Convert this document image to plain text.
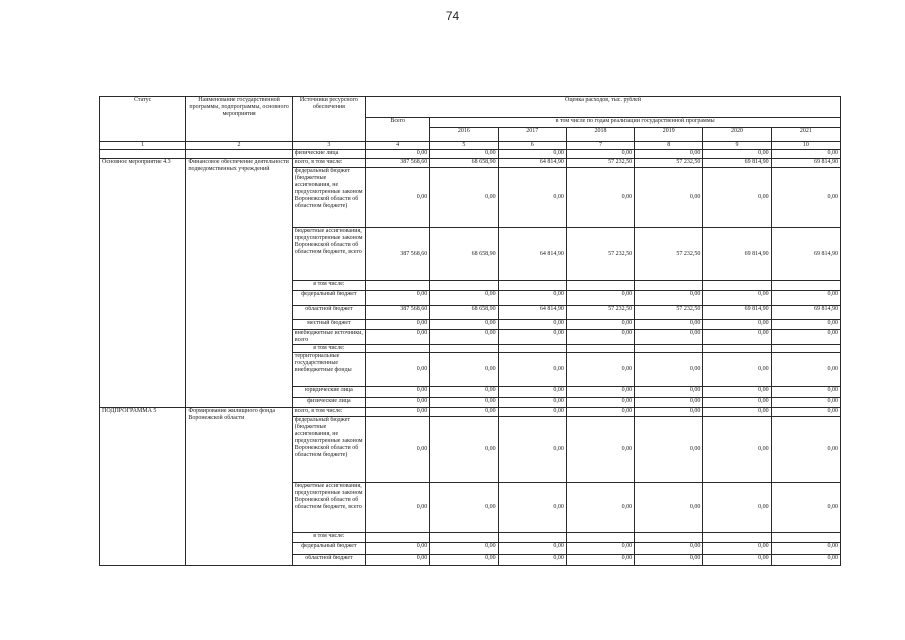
74
Статус	Наименование государственной программы, подпрограммы, основного мероприятия	Источники ресурсного обеспечения	Оценка расходов, тыс. рублей						
			Всего	в том числе по годам реализации государственной программы					
				2016	2017	2018	2019	2020	2021
1	2	3	4	5	6	7	8	9	10
		физические лица	0,00	0,00	0,00	0,00	0,00	0,00	0,00
Основное мероприятие 4.3	Финансовое обеспечение деятельности подведомственных учреждений	всего, в том числе:	387 568,60	68 658,90	64 814,90	57 232,50	57 232,50	69 814,90	69 814,90
		федеральный бюджет (бюджетные ассигнования, не предусмотренные законом Воронежской области об областном бюджете)	0,00	0,00	0,00	0,00	0,00	0,00	0,00
		бюджетные ассигнования, предусмотренные законом Воронежской области об областном бюджете, всего	387 568,60	68 658,90	64 814,90	57 232,50	57 232,50	69 814,90	69 814,90
		в том числе:							
		федеральный бюджет	0,00	0,00	0,00	0,00	0,00	0,00	0,00
		областной бюджет	387 568,60	68 658,90	64 814,90	57 232,50	57 232,50	69 814,90	69 814,90
		местный бюджет	0,00	0,00	0,00	0,00	0,00	0,00	0,00
		внебюджетные источники, всего	0,00	0,00	0,00	0,00	0,00	0,00	0,00
		в том числе:							
		территориальные государственные внебюджетные фонды	0,00	0,00	0,00	0,00	0,00	0,00	0,00
		юридические лица	0,00	0,00	0,00	0,00	0,00	0,00	0,00
		физические лица	0,00	0,00	0,00	0,00	0,00	0,00	0,00
ПОДПРОГРАММА 5	Формирование жилищного фонда Воронежской области	всего, в том числе:	0,00	0,00	0,00	0,00	0,00	0,00	0,00
		федеральный бюджет (бюджетные ассигнования, не предусмотренные законом Воронежской области об областном бюджете)	0,00	0,00	0,00	0,00	0,00	0,00	0,00
		бюджетные ассигнования, предусмотренные законом Воронежской области об областном бюджете, всего	0,00	0,00	0,00	0,00	0,00	0,00	0,00
		в том числе:							
		федеральный бюджет	0,00	0,00	0,00	0,00	0,00	0,00	0,00
		областной бюджет	0,00	0,00	0,00	0,00	0,00	0,00	0,00
